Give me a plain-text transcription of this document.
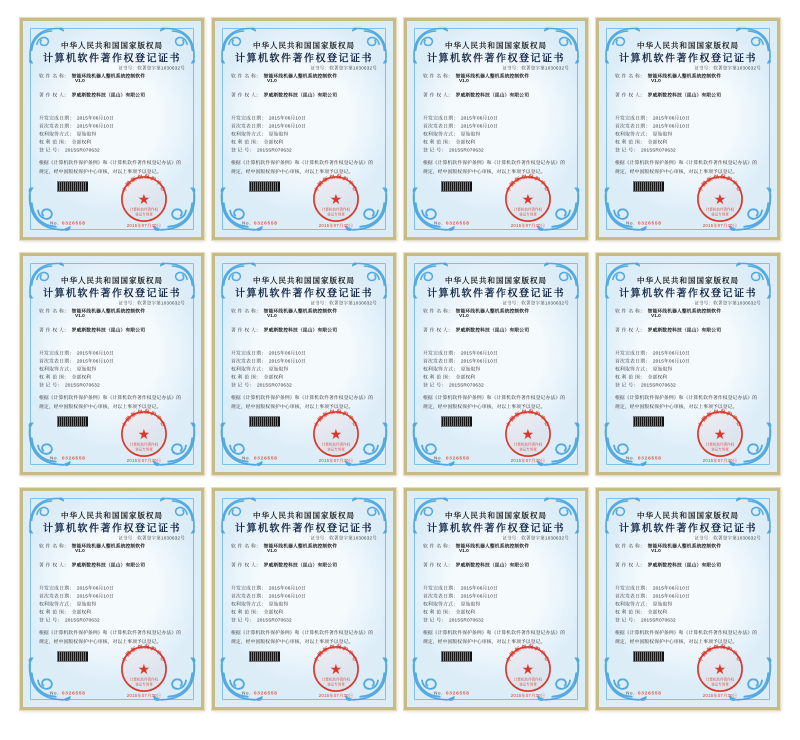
中华人民共和国国家版权局
计算机软件著作权登记证书
证书号：软著登字第1030632号
软 件 名 称： 智能环线机器人整机系统控制软件
V1.0
著 作 权 人： 罗威斯数控科技（昆山）有限公司
开发完成日期： 2015年06月10日
首次发表日期： 2015年06月10日
权利取得方式： 原始取得
权 利 范 围： 全部权利
登 记 号： 2015SR070632
根据《计算机软件保护条例》和《计算机软件著作权登记办法》的
规定，经中国版权保护中心审核，对以上事项予以登记。
中国版权保护中心
★
计算机软件著作权
登记专用章
2015年07月30日
No. 0326558
中华人民共和国国家版权局
计算机软件著作权登记证书
证书号：软著登字第1030632号
软 件 名 称： 智能环线机器人整机系统控制软件
V1.0
著 作 权 人： 罗威斯数控科技（昆山）有限公司
开发完成日期： 2015年06月10日
首次发表日期： 2015年06月10日
权利取得方式： 原始取得
权 利 范 围： 全部权利
登 记 号： 2015SR070632
根据《计算机软件保护条例》和《计算机软件著作权登记办法》的
规定，经中国版权保护中心审核，对以上事项予以登记。
中国版权保护中心
★
计算机软件著作权
登记专用章
2015年07月30日
No. 0326558
中华人民共和国国家版权局
计算机软件著作权登记证书
证书号：软著登字第1030632号
软 件 名 称： 智能环线机器人整机系统控制软件
V1.0
著 作 权 人： 罗威斯数控科技（昆山）有限公司
开发完成日期： 2015年06月10日
首次发表日期： 2015年06月10日
权利取得方式： 原始取得
权 利 范 围： 全部权利
登 记 号： 2015SR070632
根据《计算机软件保护条例》和《计算机软件著作权登记办法》的
规定，经中国版权保护中心审核，对以上事项予以登记。
中国版权保护中心
★
计算机软件著作权
登记专用章
2015年07月30日
No. 0326558
中华人民共和国国家版权局
计算机软件著作权登记证书
证书号：软著登字第1030632号
软 件 名 称： 智能环线机器人整机系统控制软件
V1.0
著 作 权 人： 罗威斯数控科技（昆山）有限公司
开发完成日期： 2015年06月10日
首次发表日期： 2015年06月10日
权利取得方式： 原始取得
权 利 范 围： 全部权利
登 记 号： 2015SR070632
根据《计算机软件保护条例》和《计算机软件著作权登记办法》的
规定，经中国版权保护中心审核，对以上事项予以登记。
中国版权保护中心
★
计算机软件著作权
登记专用章
2015年07月30日
No. 0326558
中华人民共和国国家版权局
计算机软件著作权登记证书
证书号：软著登字第1030632号
软 件 名 称： 智能环线机器人整机系统控制软件
V1.0
著 作 权 人： 罗威斯数控科技（昆山）有限公司
开发完成日期： 2015年06月10日
首次发表日期： 2015年06月10日
权利取得方式： 原始取得
权 利 范 围： 全部权利
登 记 号： 2015SR070632
根据《计算机软件保护条例》和《计算机软件著作权登记办法》的
规定，经中国版权保护中心审核，对以上事项予以登记。
中国版权保护中心
★
计算机软件著作权
登记专用章
2015年07月30日
No. 0326558
中华人民共和国国家版权局
计算机软件著作权登记证书
证书号：软著登字第1030632号
软 件 名 称： 智能环线机器人整机系统控制软件
V1.0
著 作 权 人： 罗威斯数控科技（昆山）有限公司
开发完成日期： 2015年06月10日
首次发表日期： 2015年06月10日
权利取得方式： 原始取得
权 利 范 围： 全部权利
登 记 号： 2015SR070632
根据《计算机软件保护条例》和《计算机软件著作权登记办法》的
规定，经中国版权保护中心审核，对以上事项予以登记。
中国版权保护中心
★
计算机软件著作权
登记专用章
2015年07月30日
No. 0326558
中华人民共和国国家版权局
计算机软件著作权登记证书
证书号：软著登字第1030632号
软 件 名 称： 智能环线机器人整机系统控制软件
V1.0
著 作 权 人： 罗威斯数控科技（昆山）有限公司
开发完成日期： 2015年06月10日
首次发表日期： 2015年06月10日
权利取得方式： 原始取得
权 利 范 围： 全部权利
登 记 号： 2015SR070632
根据《计算机软件保护条例》和《计算机软件著作权登记办法》的
规定，经中国版权保护中心审核，对以上事项予以登记。
中国版权保护中心
★
计算机软件著作权
登记专用章
2015年07月30日
No. 0326558
中华人民共和国国家版权局
计算机软件著作权登记证书
证书号：软著登字第1030632号
软 件 名 称： 智能环线机器人整机系统控制软件
V1.0
著 作 权 人： 罗威斯数控科技（昆山）有限公司
开发完成日期： 2015年06月10日
首次发表日期： 2015年06月10日
权利取得方式： 原始取得
权 利 范 围： 全部权利
登 记 号： 2015SR070632
根据《计算机软件保护条例》和《计算机软件著作权登记办法》的
规定，经中国版权保护中心审核，对以上事项予以登记。
中国版权保护中心
★
计算机软件著作权
登记专用章
2015年07月30日
No. 0326558
中华人民共和国国家版权局
计算机软件著作权登记证书
证书号：软著登字第1030632号
软 件 名 称： 智能环线机器人整机系统控制软件
V1.0
著 作 权 人： 罗威斯数控科技（昆山）有限公司
开发完成日期： 2015年06月10日
首次发表日期： 2015年06月10日
权利取得方式： 原始取得
权 利 范 围： 全部权利
登 记 号： 2015SR070632
根据《计算机软件保护条例》和《计算机软件著作权登记办法》的
规定，经中国版权保护中心审核，对以上事项予以登记。
中国版权保护中心
★
计算机软件著作权
登记专用章
2015年07月30日
No. 0326558
中华人民共和国国家版权局
计算机软件著作权登记证书
证书号：软著登字第1030632号
软 件 名 称： 智能环线机器人整机系统控制软件
V1.0
著 作 权 人： 罗威斯数控科技（昆山）有限公司
开发完成日期： 2015年06月10日
首次发表日期： 2015年06月10日
权利取得方式： 原始取得
权 利 范 围： 全部权利
登 记 号： 2015SR070632
根据《计算机软件保护条例》和《计算机软件著作权登记办法》的
规定，经中国版权保护中心审核，对以上事项予以登记。
中国版权保护中心
★
计算机软件著作权
登记专用章
2015年07月30日
No. 0326558
中华人民共和国国家版权局
计算机软件著作权登记证书
证书号：软著登字第1030632号
软 件 名 称： 智能环线机器人整机系统控制软件
V1.0
著 作 权 人： 罗威斯数控科技（昆山）有限公司
开发完成日期： 2015年06月10日
首次发表日期： 2015年06月10日
权利取得方式： 原始取得
权 利 范 围： 全部权利
登 记 号： 2015SR070632
根据《计算机软件保护条例》和《计算机软件著作权登记办法》的
规定，经中国版权保护中心审核，对以上事项予以登记。
中国版权保护中心
★
计算机软件著作权
登记专用章
2015年07月30日
No. 0326558
中华人民共和国国家版权局
计算机软件著作权登记证书
证书号：软著登字第1030632号
软 件 名 称： 智能环线机器人整机系统控制软件
V1.0
著 作 权 人： 罗威斯数控科技（昆山）有限公司
开发完成日期： 2015年06月10日
首次发表日期： 2015年06月10日
权利取得方式： 原始取得
权 利 范 围： 全部权利
登 记 号： 2015SR070632
根据《计算机软件保护条例》和《计算机软件著作权登记办法》的
规定，经中国版权保护中心审核，对以上事项予以登记。
中国版权保护中心
★
计算机软件著作权
登记专用章
2015年07月30日
No. 0326558
